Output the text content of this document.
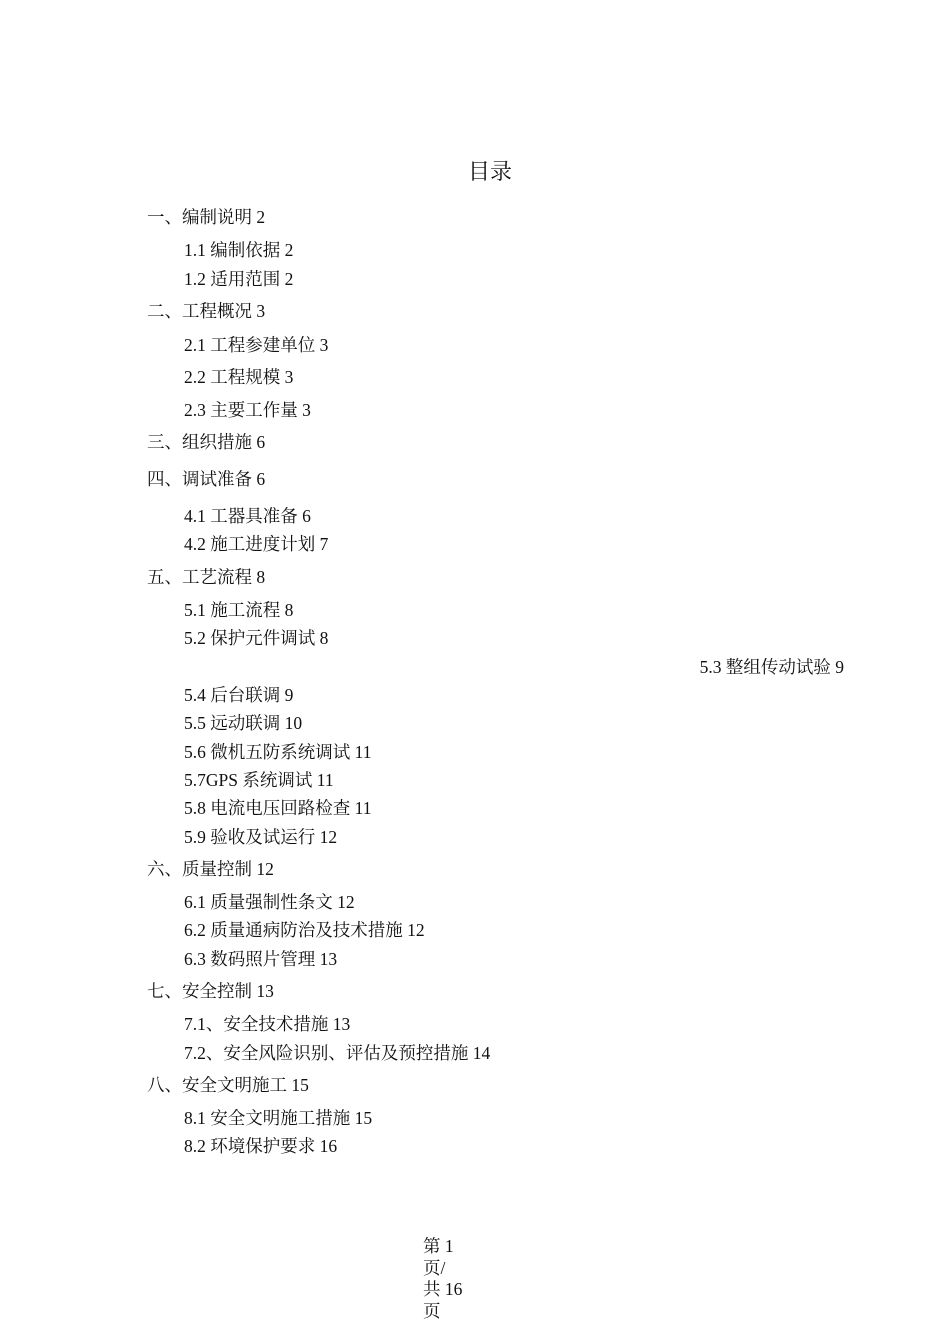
目录
一、编制说明 2
1.1 编制依据 2
1.2 适用范围 2
二、工程概况 3
2.1 工程参建单位 3
2.2 工程规模 3
2.3 主要工作量 3
三、组织措施 6
四、调试准备 6
4.1 工器具准备 6
4.2 施工进度计划 7
五、工艺流程 8
5.1 施工流程 8
5.2 保护元件调试 8
5.3 整组传动试验 9
5.4 后台联调 9
5.5 远动联调 10
5.6 微机五防系统调试 11
5.7GPS 系统调试 11
5.8 电流电压回路检查 11
5.9 验收及试运行 12
六、质量控制 12
6.1 质量强制性条文 12
6.2 质量通病防治及技术措施 12
6.3 数码照片管理 13
七、安全控制 13
7.1、安全技术措施 13
7.2、安全风险识别、评估及预控措施 14
八、安全文明施工 15
8.1 安全文明施工措施 15
8.2 环境保护要求 16
第 1
页/
共 16
页
